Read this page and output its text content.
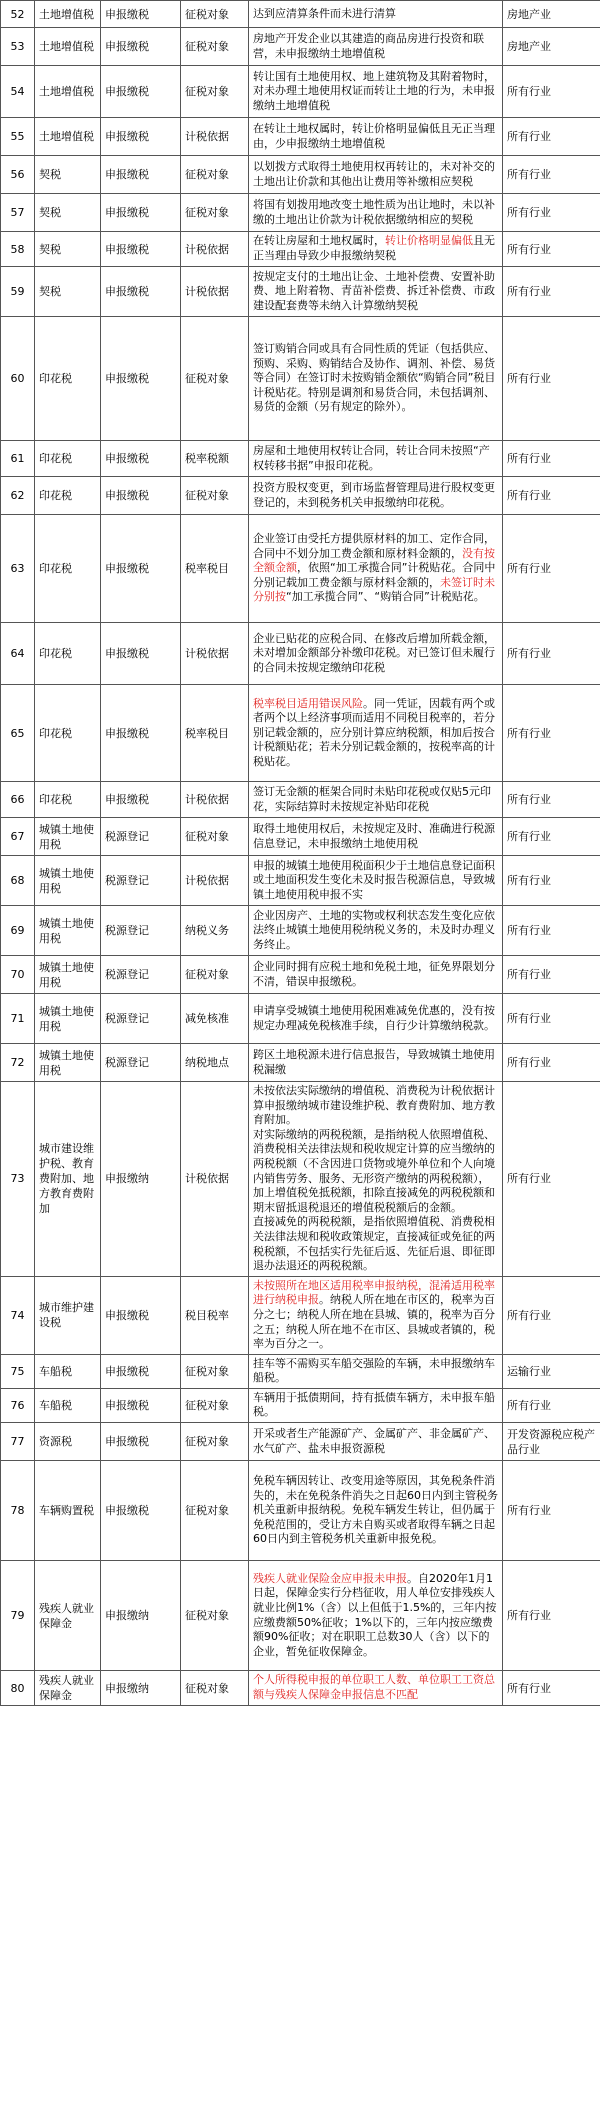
52	土地增值税	申报缴税	征税对象	达到应清算条件而未进行清算	房地产业
53	土地增值税	申报缴税	征税对象	房地产开发企业以其建造的商品房进行投资和联营，未申报缴纳土地增值税	房地产业
54	土地增值税	申报缴税	征税对象	转让国有土地使用权、地上建筑物及其附着物时，对未办理土地使用权证而转让土地的行为，未申报缴纳土地增值税	所有行业
55	土地增值税	申报缴税	计税依据	在转让土地权属时，转让价格明显偏低且无正当理由，少申报缴纳土地增值税	所有行业
56	契税	申报缴税	征税对象	以划拨方式取得土地使用权再转让的，未对补交的土地出让价款和其他出让费用等补缴相应契税	所有行业
57	契税	申报缴税	征税对象	将国有划拨用地改变土地性质为出让地时，未以补缴的土地出让价款为计税依据缴纳相应的契税	所有行业
58	契税	申报缴税	计税依据	在转让房屋和土地权属时，转让价格明显偏低且无正当理由导致少申报缴纳契税	所有行业
59	契税	申报缴税	计税依据	按规定支付的土地出让金、土地补偿费、安置补助费、地上附着物、青苗补偿费、拆迁补偿费、市政建设配套费等未纳入计算缴纳契税	所有行业
60	印花税	申报缴税	征税对象	签订购销合同或具有合同性质的凭证（包括供应、预购、采购、购销结合及协作、调剂、补偿、易货等合同）在签订时未按购销金额依“购销合同”税目计税贴花。特别是调剂和易货合同，未包括调剂、易货的金额（另有规定的除外）。	所有行业
61	印花税	申报缴税	税率税额	房屋和土地使用权转让合同，转让合同未按照“产权转移书据”申报印花税。	所有行业
62	印花税	申报缴税	征税对象	投资方股权变更，到市场监督管理局进行股权变更登记的，未到税务机关申报缴纳印花税。	所有行业
63	印花税	申报缴税	税率税目	企业签订由受托方提供原材料的加工、定作合同，合同中不划分加工费金额和原材料金额的，没有按全额金额，依照“加工承揽合同”计税贴花。合同中分别记载加工费金额与原材料金额的，未签订时未分别按“加工承揽合同”、“购销合同”计税贴花。	所有行业
64	印花税	申报缴税	计税依据	企业已贴花的应税合同、在修改后增加所载金额，未对增加金额部分补缴印花税。对已签订但未履行的合同未按规定缴纳印花税	所有行业
65	印花税	申报缴税	税率税目	税率税目适用错误风险。同一凭证，因载有两个或者两个以上经济事项而适用不同税目税率的，若分别记载金额的，应分别计算应纳税额，相加后按合计税额贴花；若未分别记载金额的，按税率高的计税贴花。	所有行业
66	印花税	申报缴税	计税依据	签订无金额的框架合同时未贴印花税或仅贴5元印花，实际结算时未按规定补贴印花税	所有行业
67	城镇土地使用税	税源登记	征税对象	取得土地使用权后，未按规定及时、准确进行税源信息登记，未申报缴纳土地使用税	所有行业
68	城镇土地使用税	税源登记	计税依据	申报的城镇土地使用税面积少于土地信息登记面积或土地面积发生变化未及时报告税源信息，导致城镇土地使用税申报不实	所有行业
69	城镇土地使用税	税源登记	纳税义务	企业因房产、土地的实物或权利状态发生变化应依法终止城镇土地使用税纳税义务的，未及时办理义务终止。	所有行业
70	城镇土地使用税	税源登记	征税对象	企业同时拥有应税土地和免税土地，征免界限划分不清，错误申报缴税。	所有行业
71	城镇土地使用税	税源登记	减免核准	申请享受城镇土地使用税困难减免优惠的，没有按规定办理减免税核准手续，自行少计算缴纳税款。	所有行业
72	城镇土地使用税	税源登记	纳税地点	跨区土地税源未进行信息报告，导致城镇土地使用税漏缴	所有行业
73	城市建设维护税、教育费附加、地方教育费附加	申报缴纳	计税依据	未按依法实际缴纳的增值税、消费税为计税依据计算申报缴纳城市建设维护税、教育费附加、地方教育附加。
对实际缴纳的两税税额，是指纳税人依照增值税、消费税相关法律法规和税收规定计算的应当缴纳的两税税额（不含因进口货物或境外单位和个人向境内销售劳务、服务、无形资产缴纳的两税税额），加上增值税免抵税额，扣除直接减免的两税税额和期末留抵退税退还的增值税税额后的金额。
直接减免的两税税额，是指依照增值税、消费税相关法律法规和税收政策规定，直接减征或免征的两税税额，不包括实行先征后返、先征后退、即征即退办法退还的两税税额。	所有行业
74	城市维护建设税	申报缴税	税目税率	未按照所在地区适用税率申报纳税，混淆适用税率进行纳税申报。纳税人所在地在市区的，税率为百分之七；纳税人所在地在县城、镇的，税率为百分之五；纳税人所在地不在市区、县城或者镇的，税率为百分之一。	所有行业
75	车船税	申报缴税	征税对象	挂车等不需购买车船交强险的车辆，未申报缴纳车船税。	运输行业
76	车船税	申报缴税	征税对象	车辆用于抵债期间，持有抵债车辆方，未申报车船税。	所有行业
77	资源税	申报缴税	征税对象	开采或者生产能源矿产、金属矿产、非金属矿产、水气矿产、盐未申报资源税	开发资源税应税产品行业
78	车辆购置税	申报缴税	征税对象	免税车辆因转让、改变用途等原因，其免税条件消失的，未在免税条件消失之日起60日内到主管税务机关重新申报纳税。免税车辆发生转让，但仍属于免税范围的，受让方未自购买或者取得车辆之日起60日内到主管税务机关重新申报免税。	所有行业
79	残疾人就业保障金	申报缴纳	征税对象	残疾人就业保险金应申报未申报。自2020年1月1日起，保障金实行分档征收，用人单位安排残疾人就业比例1%（含）以上但低于1.5%的，三年内按应缴费额50%征收；1%以下的，三年内按应缴费额90%征收；对在职职工总数30人（含）以下的企业，暂免征收保障金。	所有行业
80	残疾人就业保障金	申报缴纳	征税对象	个人所得税申报的单位职工人数、单位职工工资总额与残疾人保障金申报信息不匹配	所有行业
